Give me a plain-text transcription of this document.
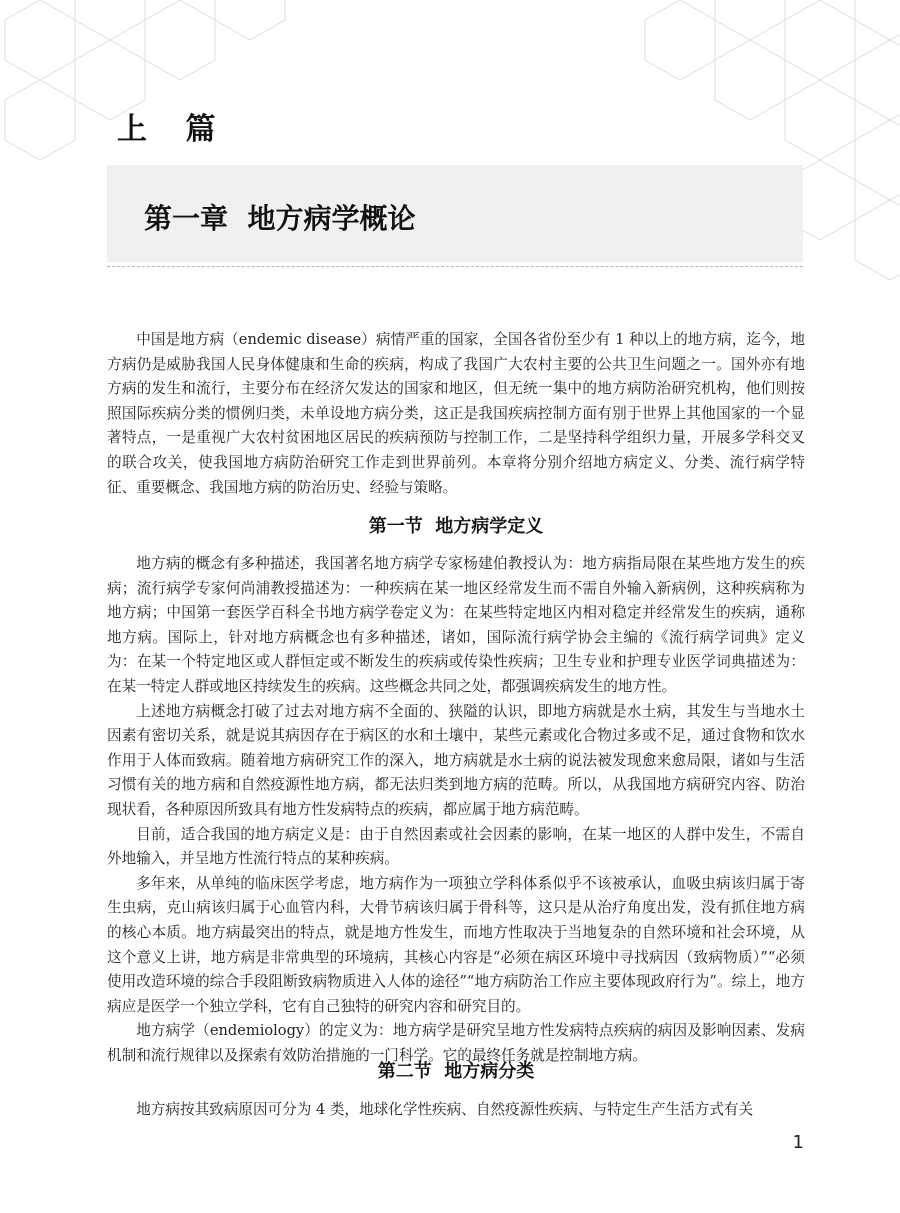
上 篇
第一章  地方病学概论

中国是地方病（endemic disease）病情严重的国家，全国各省份至少有 1 种以上的地方病，迄今，地方病仍是威胁我国人民身体健康和生命的疾病，构成了我国广大农村主要的公共卫生问题之一。国外亦有地方病的发生和流行，主要分布在经济欠发达的国家和地区，但无统一集中的地方病防治研究机构，他们则按照国际疾病分类的惯例归类，未单设地方病分类，这正是我国疾病控制方面有别于世界上其他国家的一个显著特点，一是重视广大农村贫困地区居民的疾病预防与控制工作，二是坚持科学组织力量，开展多学科交叉的联合攻关，使我国地方病防治研究工作走到世界前列。本章将分别介绍地方病定义、分类、流行病学特征、重要概念、我国地方病的防治历史、经验与策略。

第一节  地方病学定义

地方病的概念有多种描述，我国著名地方病学专家杨建伯教授认为：地方病指局限在某些地方发生的疾病；流行病学专家何尚浦教授描述为：一种疾病在某一地区经常发生而不需自外输入新病例，这种疾病称为地方病；中国第一套医学百科全书地方病学卷定义为：在某些特定地区内相对稳定并经常发生的疾病，通称地方病。国际上，针对地方病概念也有多种描述，诸如，国际流行病学协会主编的《流行病学词典》定义为：在某一个特定地区或人群恒定或不断发生的疾病或传染性疾病；卫生专业和护理专业医学词典描述为：在某一特定人群或地区持续发生的疾病。这些概念共同之处，都强调疾病发生的地方性。

上述地方病概念打破了过去对地方病不全面的、狭隘的认识，即地方病就是水土病，其发生与当地水土因素有密切关系，就是说其病因存在于病区的水和土壤中，某些元素或化合物过多或不足，通过食物和饮水作用于人体而致病。随着地方病研究工作的深入，地方病就是水土病的说法被发现愈来愈局限，诸如与生活习惯有关的地方病和自然疫源性地方病，都无法归类到地方病的范畴。所以，从我国地方病研究内容、防治现状看，各种原因所致具有地方性发病特点的疾病，都应属于地方病范畴。

目前，适合我国的地方病定义是：由于自然因素或社会因素的影响，在某一地区的人群中发生，不需自外地输入，并呈地方性流行特点的某种疾病。

多年来，从单纯的临床医学考虑，地方病作为一项独立学科体系似乎不该被承认，血吸虫病该归属于寄生虫病，克山病该归属于心血管内科，大骨节病该归属于骨科等，这只是从治疗角度出发，没有抓住地方病的核心本质。地方病最突出的特点，就是地方性发生，而地方性取决于当地复杂的自然环境和社会环境，从这个意义上讲，地方病是非常典型的环境病，其核心内容是“必须在病区环境中寻找病因（致病物质）”“必须使用改造环境的综合手段阻断致病物质进入人体的途径”“地方病防治工作应主要体现政府行为”。综上，地方病应是医学一个独立学科，它有自己独特的研究内容和研究目的。

地方病学（endemiology）的定义为：地方病学是研究呈地方性发病特点疾病的病因及影响因素、发病机制和流行规律以及探索有效防治措施的一门科学。它的最终任务就是控制地方病。

第二节  地方病分类

地方病按其致病原因可分为 4 类，地球化学性疾病、自然疫源性疾病、与特定生产生活方式有关

1
